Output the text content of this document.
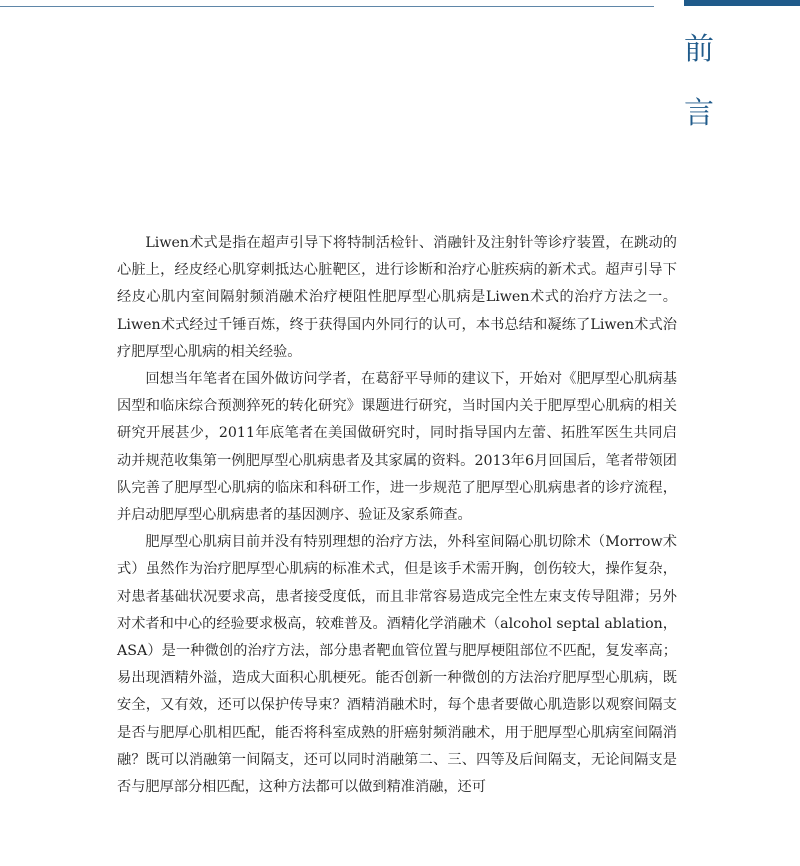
前
言

Liwen术式是指在超声引导下将特制活检针、消融针及注射针等诊疗装置，在跳动的心脏上，经皮经心肌穿刺抵达心脏靶区，进行诊断和治疗心脏疾病的新术式。超声引导下经皮心肌内室间隔射频消融术治疗梗阻性肥厚型心肌病是Liwen术式的治疗方法之一。Liwen术式经过千锤百炼，终于获得国内外同行的认可，本书总结和凝练了Liwen术式治疗肥厚型心肌病的相关经验。

回想当年笔者在国外做访问学者，在葛舒平导师的建议下，开始对《肥厚型心肌病基因型和临床综合预测猝死的转化研究》课题进行研究，当时国内关于肥厚型心肌病的相关研究开展甚少，2011年底笔者在美国做研究时，同时指导国内左蕾、拓胜军医生共同启动并规范收集第一例肥厚型心肌病患者及其家属的资料。2013年6月回国后，笔者带领团队完善了肥厚型心肌病的临床和科研工作，进一步规范了肥厚型心肌病患者的诊疗流程，并启动肥厚型心肌病患者的基因测序、验证及家系筛查。

肥厚型心肌病目前并没有特别理想的治疗方法，外科室间隔心肌切除术（Morrow术式）虽然作为治疗肥厚型心肌病的标准术式，但是该手术需开胸，创伤较大，操作复杂，对患者基础状况要求高，患者接受度低，而且非常容易造成完全性左束支传导阻滞；另外对术者和中心的经验要求极高，较难普及。酒精化学消融术（alcohol septal ablation，ASA）是一种微创的治疗方法，部分患者靶血管位置与肥厚梗阻部位不匹配，复发率高；易出现酒精外溢，造成大面积心肌梗死。能否创新一种微创的方法治疗肥厚型心肌病，既安全，又有效，还可以保护传导束？酒精消融术时，每个患者要做心肌造影以观察间隔支是否与肥厚心肌相匹配，能否将科室成熟的肝癌射频消融术，用于肥厚型心肌病室间隔消融？既可以消融第一间隔支，还可以同时消融第二、三、四等及后间隔支，无论间隔支是否与肥厚部分相匹配，这种方法都可以做到精准消融，还可
